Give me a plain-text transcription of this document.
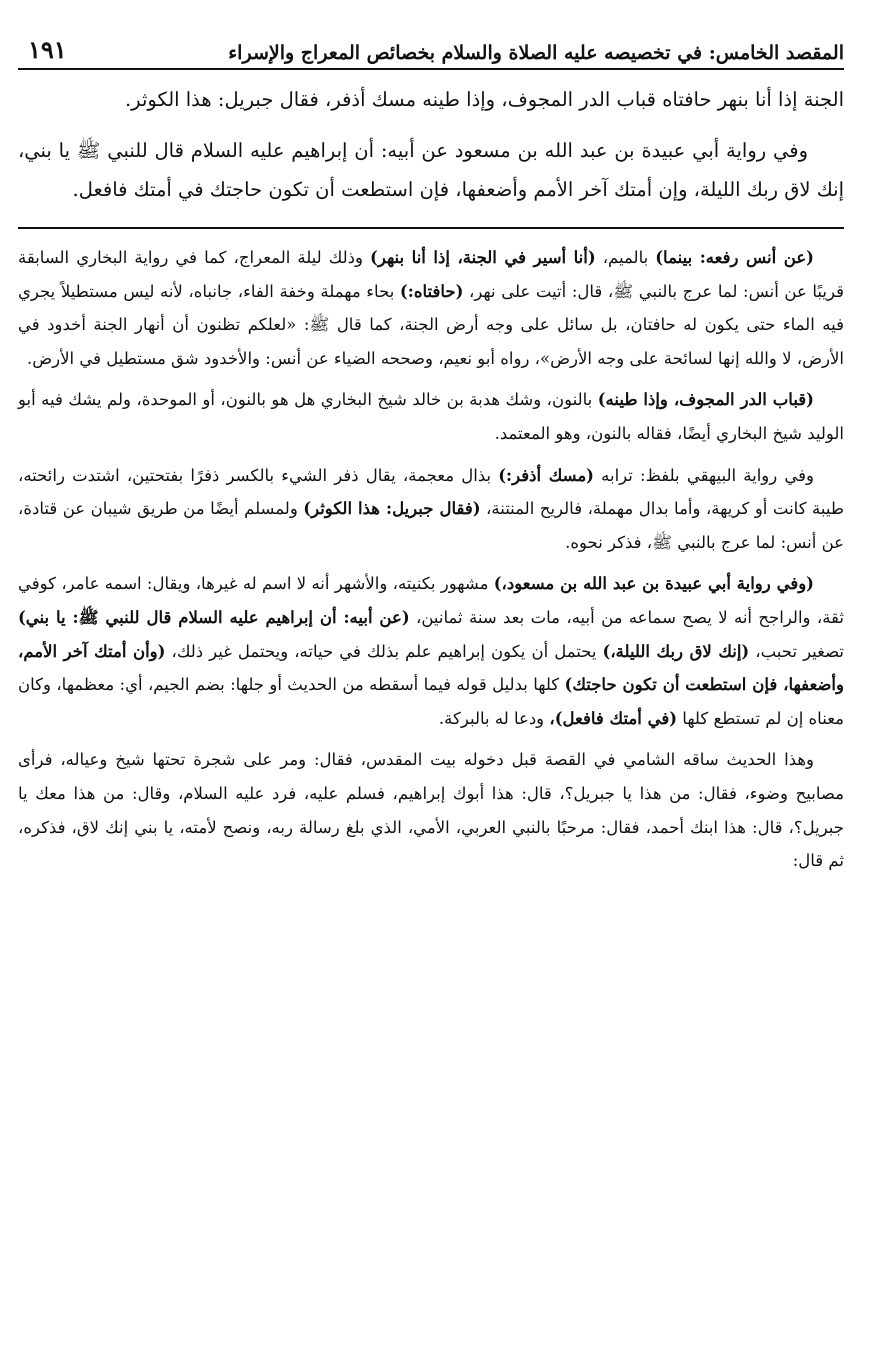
المقصد الخامس: في تخصيصه عليه الصلاة والسلام بخصائص المعراج والإسراء
١٩١

الجنة إذا أنا بنهر حافتاه قباب الدر المجوف، وإذا طينه مسك أذفر، فقال جبريل: هذا الكوثر.

وفي رواية أبي عبيدة بن عبد الله بن مسعود عن أبيه: أن إبراهيم عليه السلام قال للنبي ﷺ يا بني، إنك لاق ربك الليلة، وإن أمتك آخر الأمم وأضعفها، فإن استطعت أن تكون حاجتك في أمتك فافعل.

(عن أنس رفعه: بينما) بالميم، (أنا أسير في الجنة، إذا أنا بنهر) وذلك ليلة المعراج، كما في رواية البخاري السابقة قريبًا عن أنس: لما عرج بالنبي ﷺ، قال: أتيت على نهر، (حافتاه:) بحاء مهملة وخفة الفاء، جانباه، لأنه ليس مستطيلاً يجري فيه الماء حتى يكون له حافتان، بل سائل على وجه أرض الجنة، كما قال ﷺ: «لعلكم تظنون أن أنهار الجنة أخدود في الأرض، لا والله إنها لسائحة على وجه الأرض»، رواه أبو نعيم، وصححه الضياء عن أنس: والأخدود شق مستطيل في الأرض.

(قباب الدر المجوف، وإذا طينه) بالنون، وشك هدبة بن خالد شيخ البخاري هل هو بالنون، أو الموحدة، ولم يشك فيه أبو الوليد شيخ البخاري أيضًا، فقاله بالنون، وهو المعتمد.

وفي رواية البيهقي بلفظ: ترابه (مسك أذفر:) بذال معجمة، يقال ذفر الشيء بالكسر ذفرًا بفتحتين، اشتدت رائحته، طيبة كانت أو كريهة، وأما بدال مهملة، فالريح المنتنة، (فقال جبريل: هذا الكوثر) ولمسلم أيضًا من طريق شيبان عن قتادة، عن أنس: لما عرج بالنبي ﷺ، فذكر نحوه.

(وفي رواية أبي عبيدة بن عبد الله بن مسعود،) مشهور بكنيته، والأشهر أنه لا اسم له غيرها، ويقال: اسمه عامر، كوفي ثقة، والراجح أنه لا يصح سماعه من أبيه، مات بعد سنة ثمانين، (عن أبيه: أن إبراهيم عليه السلام قال للنبي ﷺ: يا بني) تصغير تحبب، (إنك لاق ربك الليلة،) يحتمل أن يكون إبراهيم علم بذلك في حياته، ويحتمل غير ذلك، (وأن أمتك آخر الأمم، وأضعفها، فإن استطعت أن تكون حاجتك) كلها بدليل قوله فيما أسقطه من الحديث أو جلها: بضم الجيم، أي: معظمها، وكان معناه إن لم تستطع كلها (في أمتك فافعل)، ودعا له بالبركة.

وهذا الحديث ساقه الشامي في القصة قبل دخوله بيت المقدس، فقال: ومر على شجرة تحتها شيخ وعياله، فرأى مصابيح وضوء، فقال: من هذا يا جبريل؟، قال: هذا أبوك إبراهيم، فسلم عليه، فرد عليه السلام، وقال: من هذا معك يا جبريل؟، قال: هذا ابنك أحمد، فقال: مرحبًا بالنبي العربي، الأمي، الذي بلغ رسالة ربه، ونصح لأمته، يا بني إنك لاق، فذكره، ثم قال:
